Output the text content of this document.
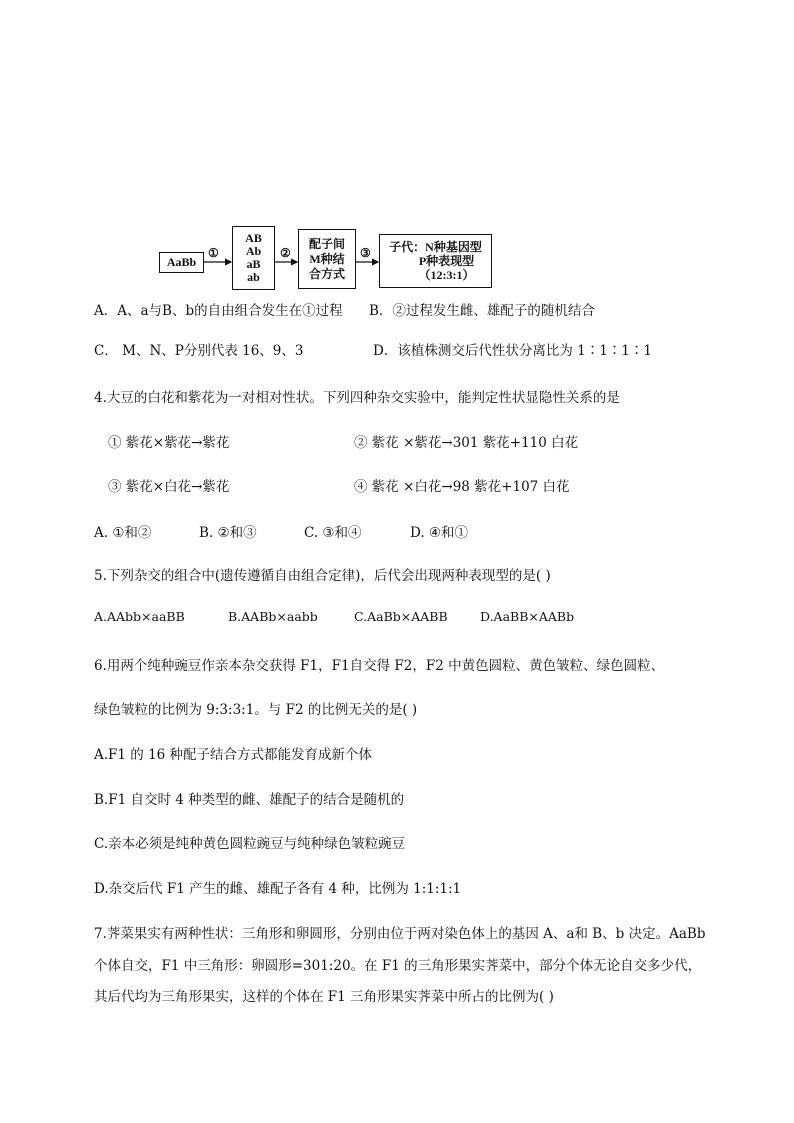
AaBb
AB
Ab
aB
ab
配子间
M种结
合方式
子代：N种基因型
P种表现型
（12:3:1）
①	②	③
A．A、a与B、b的自由组合发生在①过程 B．②过程发生雌、雄配子的随机结合
C． M、N、P分别代表 16、9、3	D．该植株测交后代性状分离比为 1∶1∶1∶1
4.大豆的白花和紫花为一对相对性状。下列四种杂交实验中，能判定性状显隐性关系的是
① 紫花×紫花→紫花	② 紫花 ×紫花→301 紫花+110 白花
③ 紫花×白花→紫花	④ 紫花 ×白花→98 紫花+107 白花
A. ①和②	B. ②和③	C. ③和④	D. ④和①
5.下列杂交的组合中(遗传遵循自由组合定律)，后代会出现两种表现型的是( )
A.AAbb×aaBB	B.AABb×aabb	C.AaBb×AABB	D.AaBB×AABb
6.用两个纯种豌豆作亲本杂交获得 F1，F1自交得 F2，F2 中黄色圆粒、黄色皱粒、绿色圆粒、
绿色皱粒的比例为 9:3:3:1。与 F2 的比例无关的是( )
A.F1 的 16 种配子结合方式都能发育成新个体
B.F1 自交时 4 种类型的雌、雄配子的结合是随机的
C.亲本必须是纯种黄色圆粒豌豆与纯种绿色皱粒豌豆
D.杂交后代 F1 产生的雌、雄配子各有 4 种，比例为 1:1:1:1
7.荠菜果实有两种性状：三角形和卵圆形，分别由位于两对染色体上的基因 A、a和 B、b 决定。AaBb
个体自交，F1 中三角形：卵圆形=301:20。在 F1 的三角形果实荠菜中，部分个体无论自交多少代，
其后代均为三角形果实，这样的个体在 F1 三角形果实荠菜中所占的比例为( )
